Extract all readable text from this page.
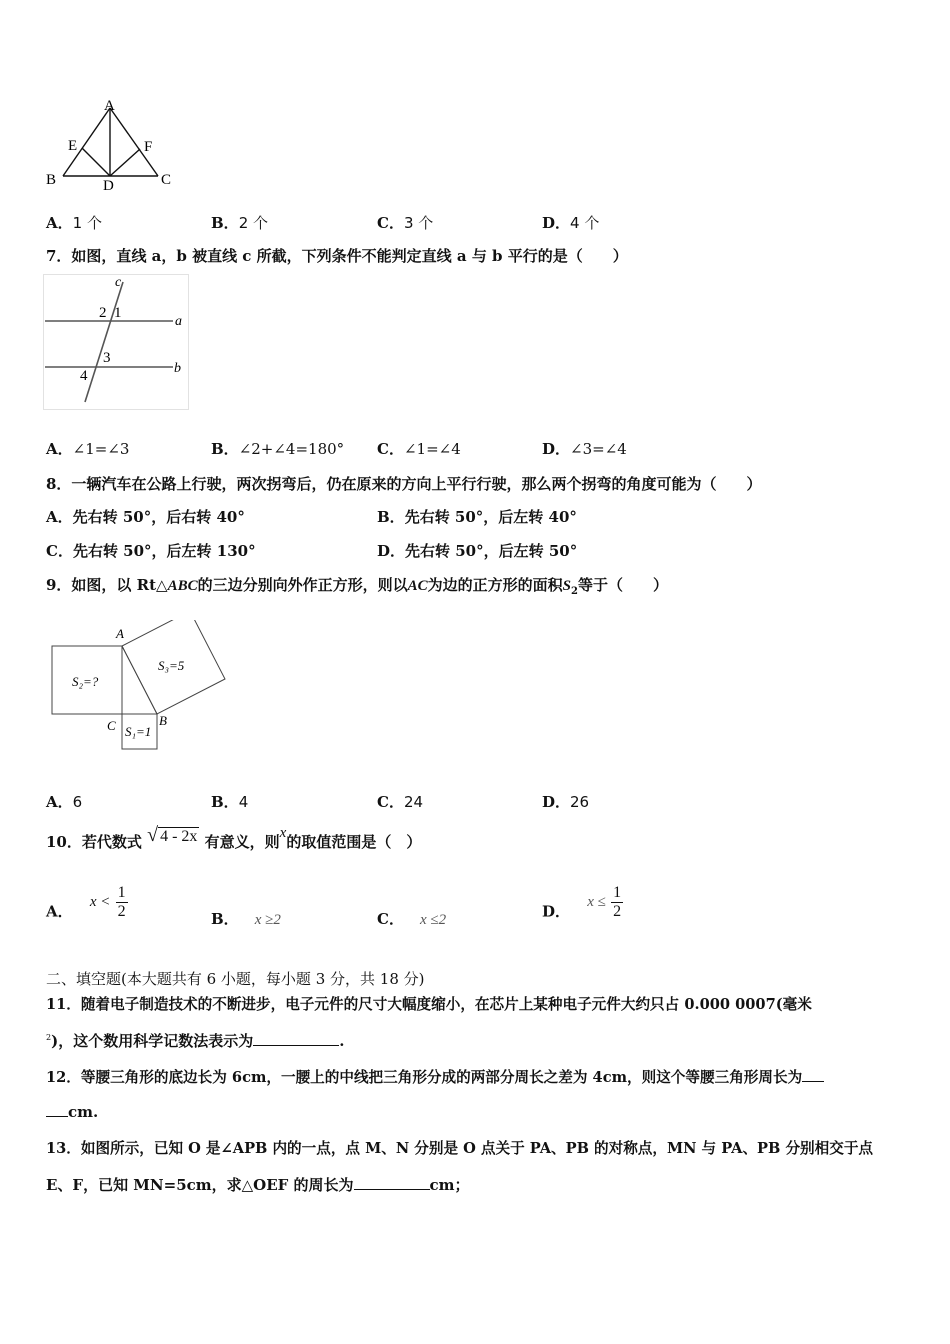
A
E	F
B	D	C
A．1 个	B．2 个	C．3 个	D．4 个
7．如图，直线 a，b 被直线 c 所截，下列条件不能判定直线 a 与 b 平行的是（　　）
c
2 1
a
3
4	b
A．∠1=∠3	B．∠2+∠4=180° C．∠1=∠4	D．∠3=∠4
8．一辆汽车在公路上行驶，两次拐弯后，仍在原来的方向上平行行驶，那么两个拐弯的角度可能为（　　）
A．先右转 50°，后右转 40°	B．先右转 50°，后左转 40°
C．先右转 50°，后左转 130°	D．先右转 50°，后左转 50°
9．如图，以 Rt△ABC的三边分别向外作正方形，则以AC为边的正方形的面积$S_2$等于（　　）
A
C	B
S₂=?
S₃=5
S₁=1
A．6	B．4	C．24	D．26
10．若代数式 √ 4 - 2x 有意义，则x的取值范围是（　）
A． $x < \frac{1}{2}$	B． x ≥2	C． x ≤2	D． $x \le \frac{1}{2}$
二、填空题(本大题共有 6 小题，每小题 3 分，共 18 分)
11．随着电子制造技术的不断进步，电子元件的尺寸大幅度缩小，在芯片上某种电子元件大约只占 0.000 0007(毫米
$^2$)，这个数用科学记数法表示为	.
12．等腰三角形的底边长为 6cm，一腰上的中线把三角形分成的两部分周长之差为 4cm，则这个等腰三角形周长为
cm.
13．如图所示，已知 O 是∠APB 内的一点，点 M、N 分别是 O 点关于 PA、PB 的对称点，MN 与 PA、PB 分别相交于点
E、F，已知 MN=5cm，求△OEF 的周长为	cm；
